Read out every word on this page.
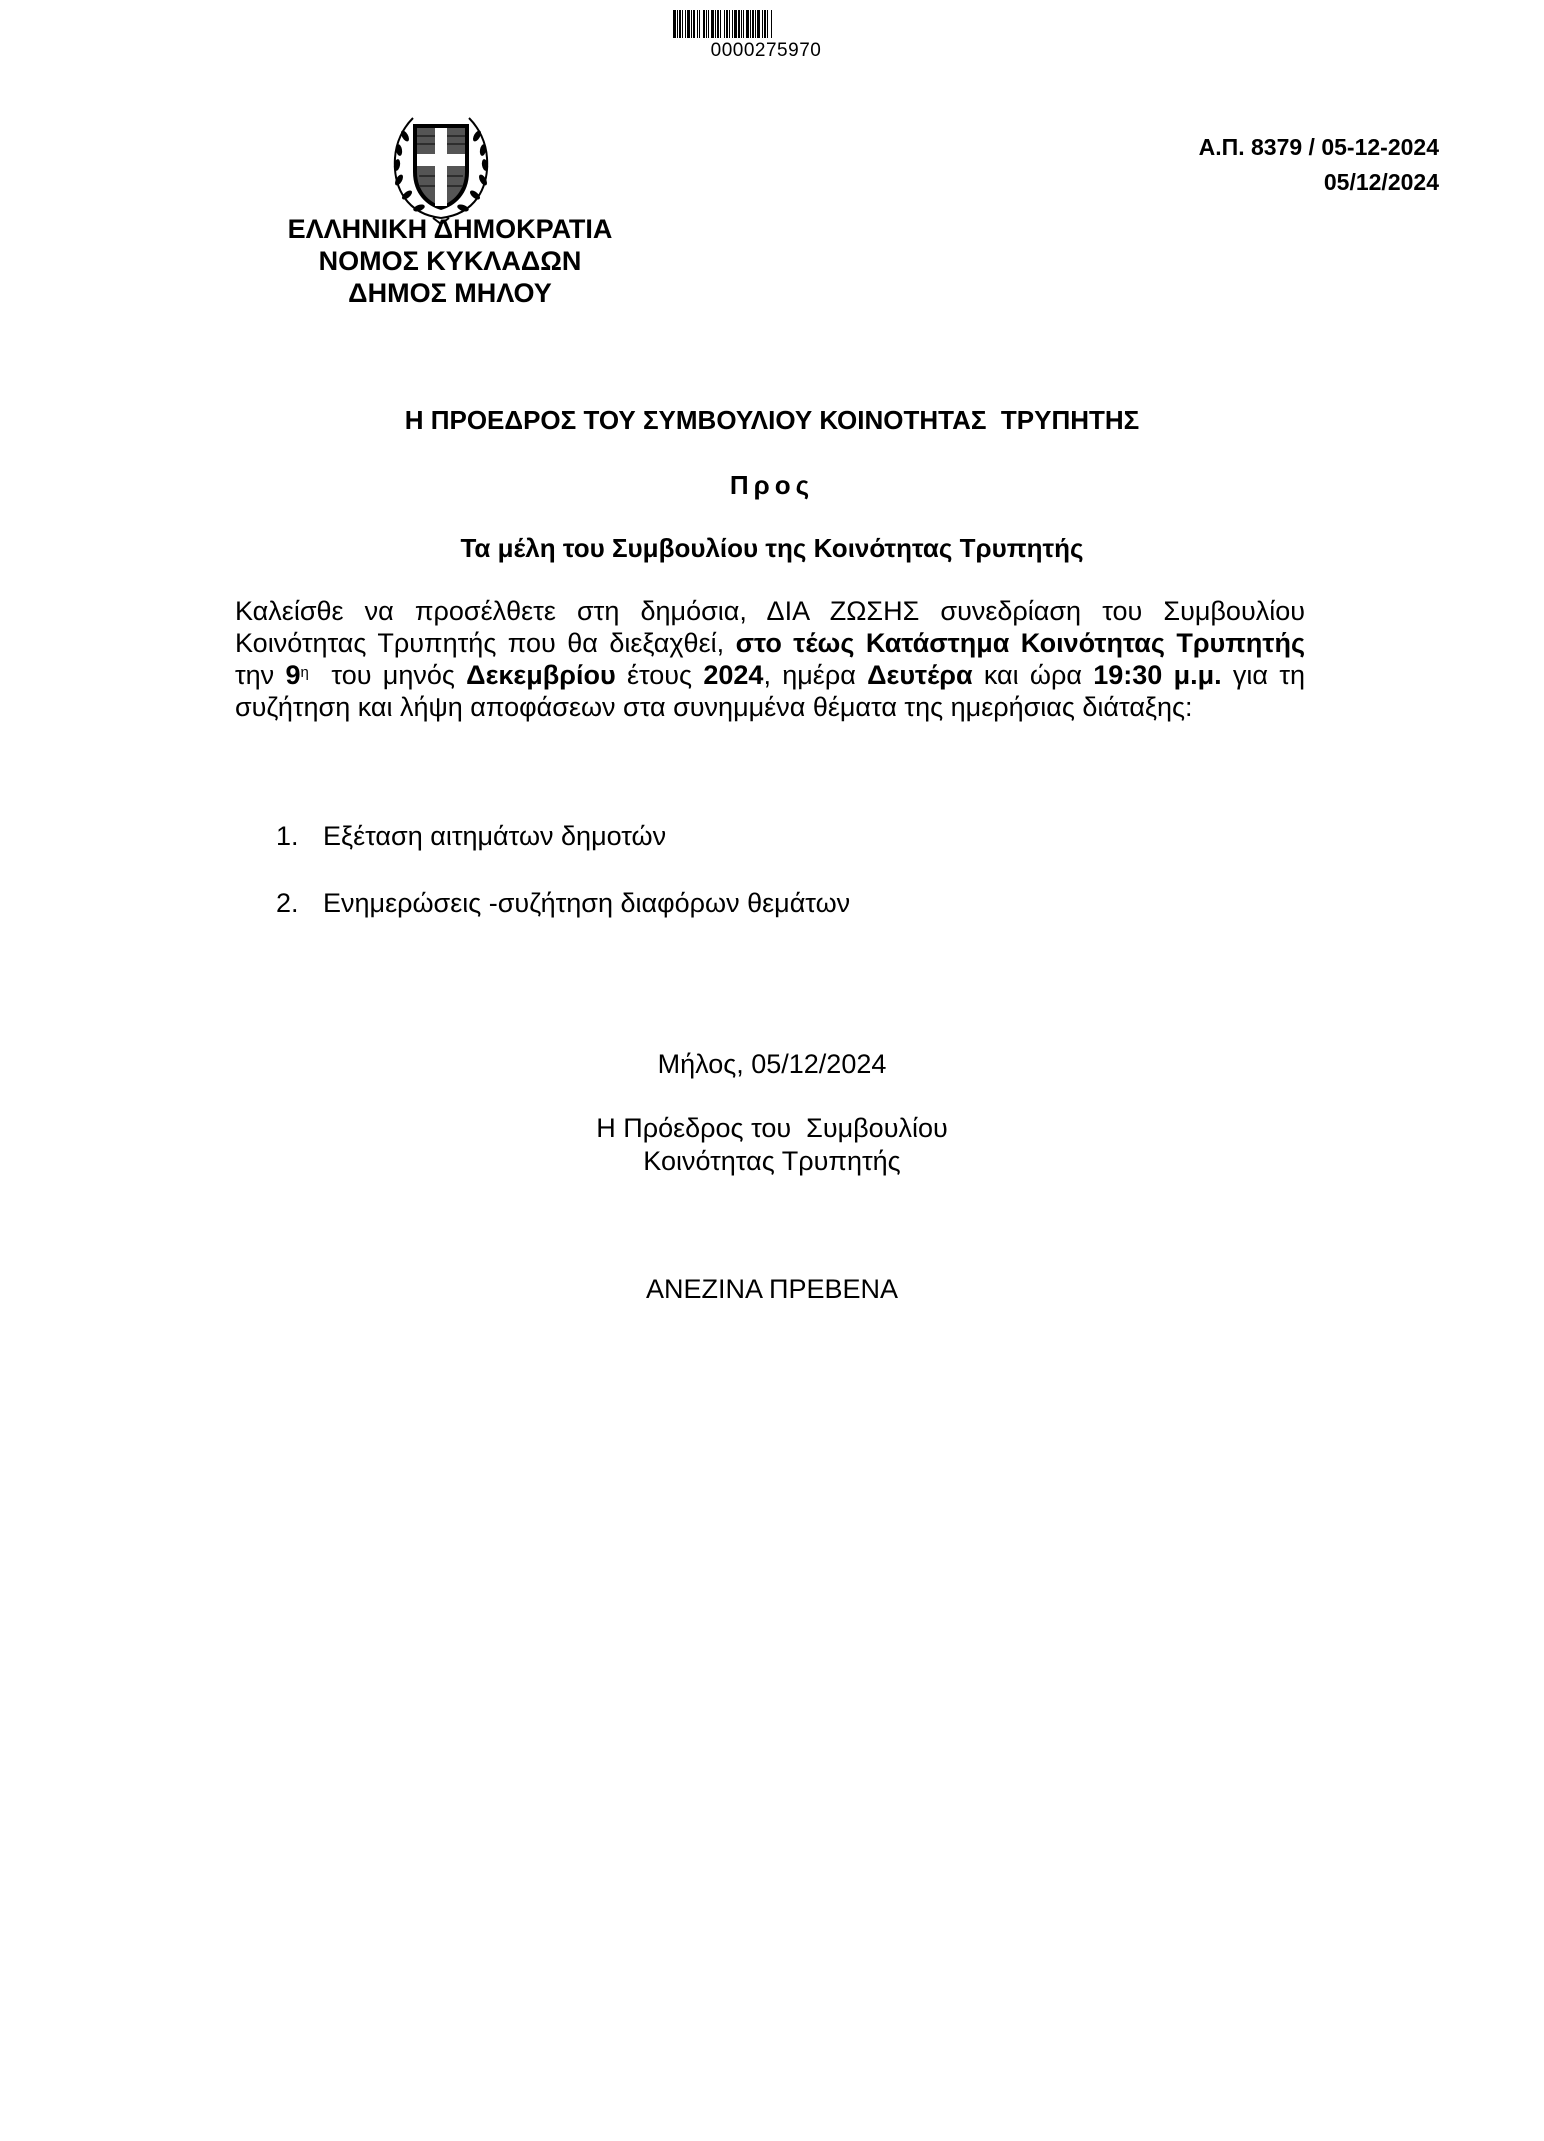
0000275970
ΕΛΛΗΝΙΚΗ ΔΗΜΟΚΡΑΤΙΑ
ΝΟΜΟΣ ΚΥΚΛΑΔΩΝ
ΔΗΜΟΣ ΜΗΛΟΥ
Α.Π. 8379 / 05-12-2024
05/12/2024
Η ΠΡΟΕΔΡΟΣ ΤΟΥ ΣΥΜΒΟΥΛΙΟΥ ΚΟΙΝΟΤΗΤΑΣ  ΤΡΥΠΗΤΗΣ
Προς
Τα μέλη του Συμβουλίου της Κοινότητας Τρυπητής
Καλείσθε να προσέλθετε στη δημόσια, ΔΙΑ ΖΩΣΗΣ συνεδρίαση του Συμβουλίου Κοινότητας Τρυπητής που θα διεξαχθεί, στο τέως Κατάστημα Κοινότητας Τρυπητής την $9^\eta$  του μηνός Δεκεμβρίου έτους 2024, ημέρα Δευτέρα και ώρα 19:30 μ.μ. για τη συζήτηση και λήψη αποφάσεων στα συνημμένα θέματα της ημερήσιας διάταξης:
1. Εξέταση αιτημάτων δημοτών
2. Ενημερώσεις -συζήτηση διαφόρων θεμάτων
Μήλος, 05/12/2024
Η Πρόεδρος του  Συμβουλίου
Κοινότητας Τρυπητής
ΑΝΕΖΙΝΑ ΠΡΕΒΕΝΑ
